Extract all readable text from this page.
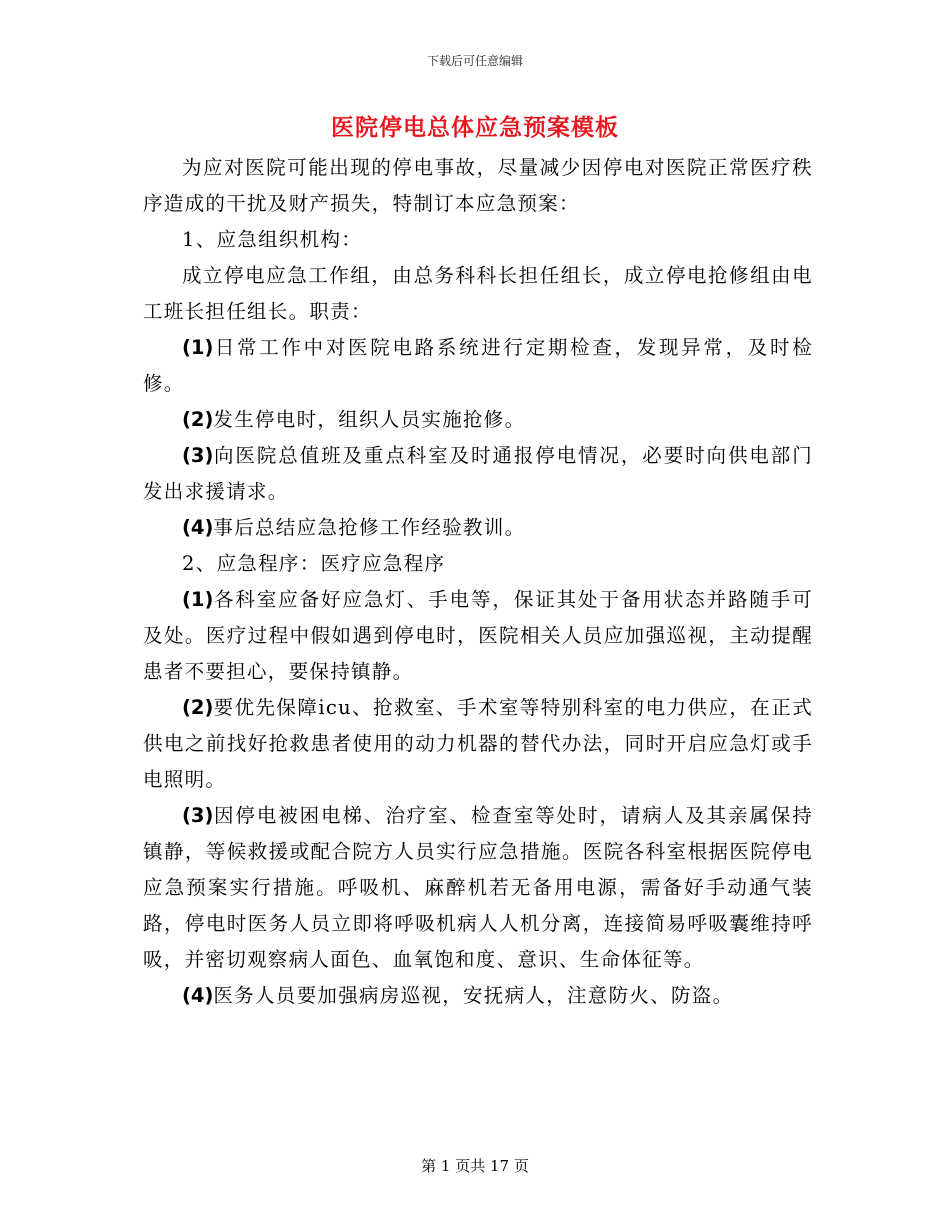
下载后可任意编辑
医院停电总体应急预案模板

为应对医院可能出现的停电事故，尽量减少因停电对医院正常医疗秩序造成的干扰及财产损失，特制订本应急预案：

1、应急组织机构：

成立停电应急工作组，由总务科科长担任组长，成立停电抢修组由电工班长担任组长。职责：

(1)日常工作中对医院电路系统进行定期检查，发现异常，及时检修。

(2)发生停电时，组织人员实施抢修。

(3)向医院总值班及重点科室及时通报停电情况，必要时向供电部门发出求援请求。

(4)事后总结应急抢修工作经验教训。

2、应急程序：医疗应急程序

(1)各科室应备好应急灯、手电等，保证其处于备用状态并路随手可及处。医疗过程中假如遇到停电时，医院相关人员应加强巡视，主动提醒患者不要担心，要保持镇静。

(2)要优先保障icu、抢救室、手术室等特别科室的电力供应，在正式供电之前找好抢救患者使用的动力机器的替代办法，同时开启应急灯或手电照明。

(3)因停电被困电梯、治疗室、检查室等处时，请病人及其亲属保持镇静，等候救援或配合院方人员实行应急措施。医院各科室根据医院停电应急预案实行措施。呼吸机、麻醉机若无备用电源，需备好手动通气装路，停电时医务人员立即将呼吸机病人人机分离，连接简易呼吸囊维持呼吸，并密切观察病人面色、血氧饱和度、意识、生命体征等。

(4)医务人员要加强病房巡视，安抚病人，注意防火、防盗。

第 1 页共 17 页
